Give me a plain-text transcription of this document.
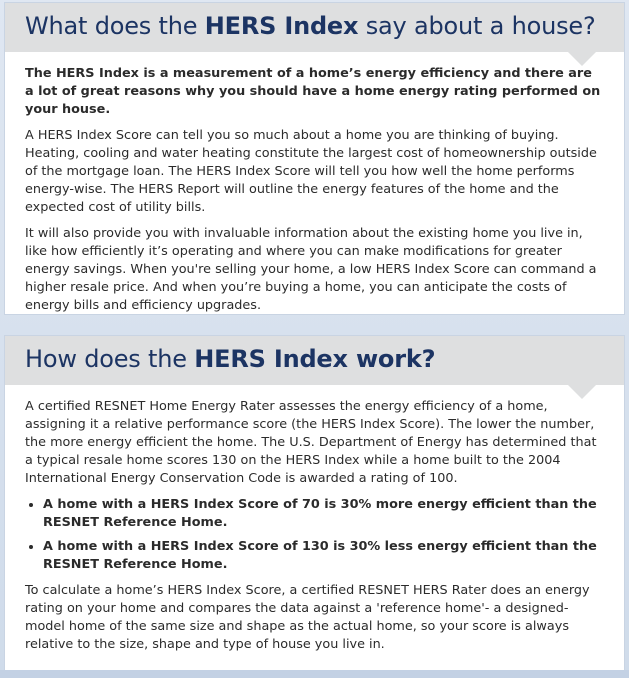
What does the HERS Index say about a house?

The HERS Index is a measurement of a home’s energy efficiency and there are a lot of great reasons why you should have a home energy rating performed on your house.

A HERS Index Score can tell you so much about a home you are thinking of buying. Heating, cooling and water heating constitute the largest cost of homeownership outside of the mortgage loan. The HERS Index Score will tell you how well the home performs energy-wise. The HERS Report will outline the energy features of the home and the expected cost of utility bills.

It will also provide you with invaluable information about the existing home you live in, like how efficiently it’s operating and where you can make modifications for greater energy savings. When you're selling your home, a low HERS Index Score can command a higher resale price. And when you’re buying a home, you can anticipate the costs of energy bills and efficiency upgrades.

How does the HERS Index work?

A certified RESNET Home Energy Rater assesses the energy efficiency of a home, assigning it a relative performance score (the HERS Index Score). The lower the number, the more energy efficient the home. The U.S. Department of Energy has determined that a typical resale home scores 130 on the HERS Index while a home built to the 2004 International Energy Conservation Code is awarded a rating of 100.

• A home with a HERS Index Score of 70 is 30% more energy efficient than the RESNET Reference Home.
• A home with a HERS Index Score of 130 is 30% less energy efficient than the RESNET Reference Home.

To calculate a home’s HERS Index Score, a certified RESNET HERS Rater does an energy rating on your home and compares the data against a 'reference home'- a designed-model home of the same size and shape as the actual home, so your score is always relative to the size, shape and type of house you live in.
